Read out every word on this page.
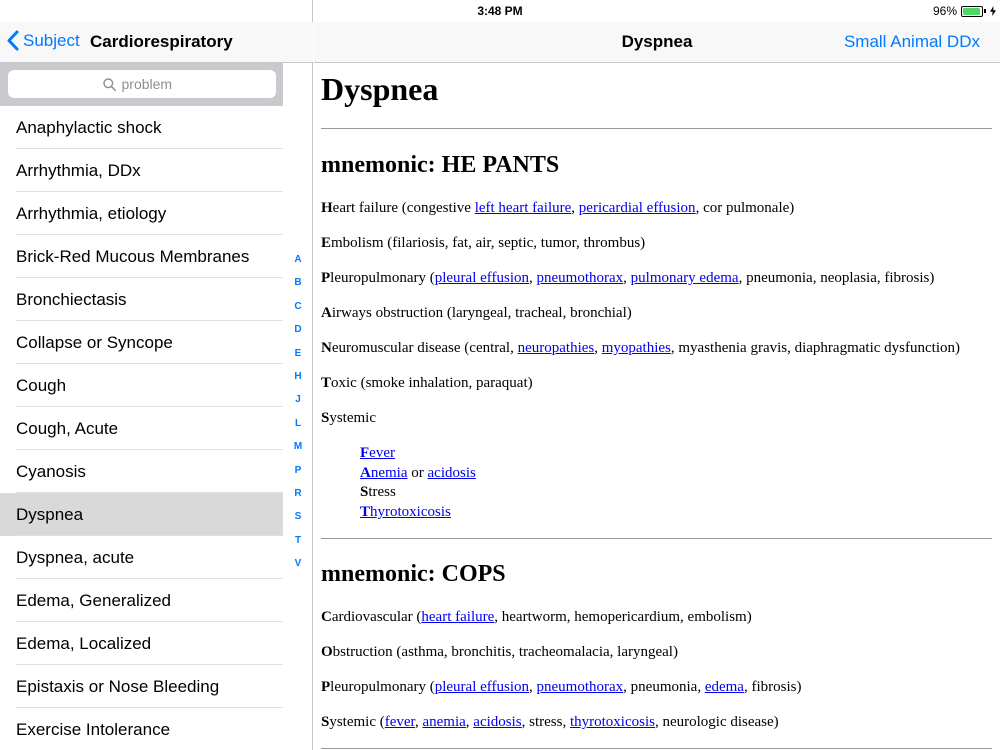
3:48 PM	96%
Subject Cardiorespiratory
problem
Anaphylactic shock
Arrhythmia, DDx
Arrhythmia, etiology
Brick-Red Mucous Membranes
Bronchiectasis
Collapse or Syncope
Cough
Cough, Acute
Cyanosis
Dyspnea
Dyspnea, acute
Edema, Generalized
Edema, Localized
Epistaxis or Nose Bleeding
Exercise Intolerance
A
B
C
D
E
H
J
L
M
P
R
S
T
V
Dyspnea	Small Animal DDx
Dyspnea
mnemonic: HE PANTS
Heart failure (congestive left heart failure, pericardial effusion, cor pulmonale)
Embolism (filariosis, fat, air, septic, tumor, thrombus)
Pleuropulmonary (pleural effusion, pneumothorax, pulmonary edema, pneumonia, neoplasia, fibrosis)
Airways obstruction (laryngeal, tracheal, bronchial)
Neuromuscular disease (central, neuropathies, myopathies, myasthenia gravis, diaphragmatic dysfunction)
Toxic (smoke inhalation, paraquat)
Systemic
Fever
Anemia or acidosis
Stress
Thyrotoxicosis
mnemonic: COPS
Cardiovascular (heart failure, heartworm, hemopericardium, embolism)
Obstruction (asthma, bronchitis, tracheomalacia, laryngeal)
Pleuropulmonary (pleural effusion, pneumothorax, pneumonia, edema, fibrosis)
Systemic (fever, anemia, acidosis, stress, thyrotoxicosis, neurologic disease)
